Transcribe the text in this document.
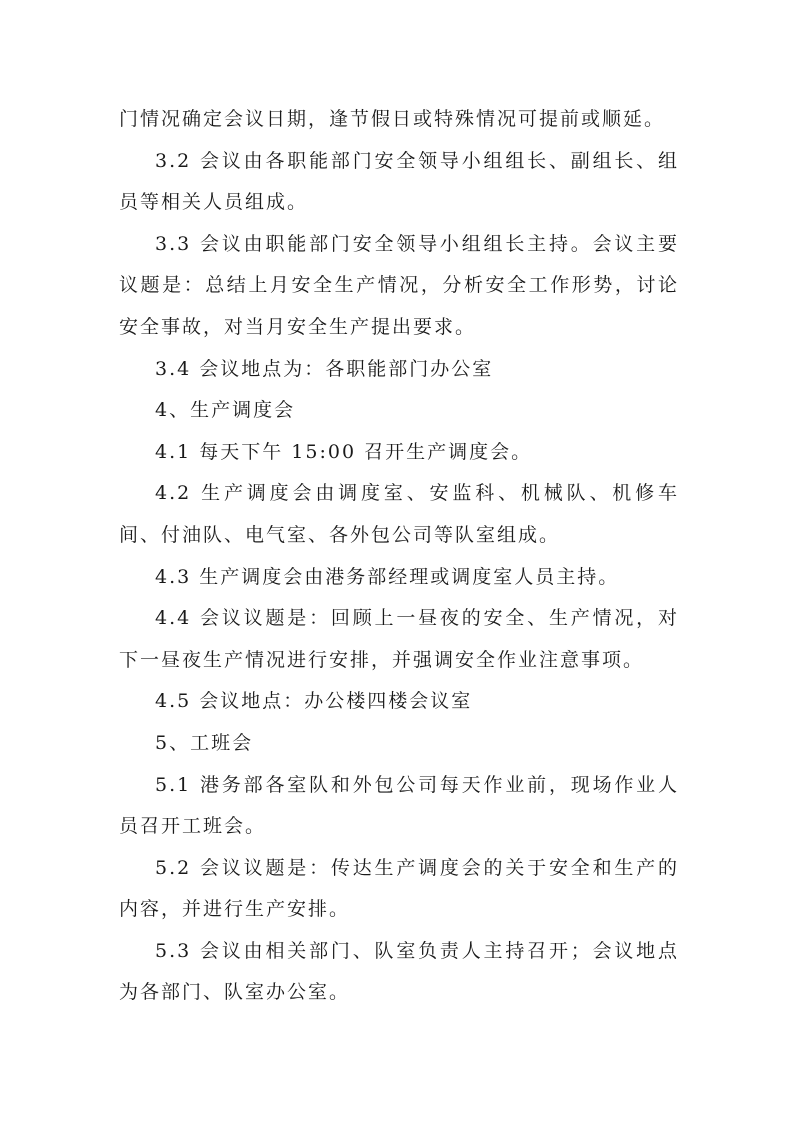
门情况确定会议日期，逢节假日或特殊情况可提前或顺延。

3.2 会议由各职能部门安全领导小组组长、副组长、组员等相关人员组成。

3.3 会议由职能部门安全领导小组组长主持。会议主要议题是：总结上月安全生产情况，分析安全工作形势，讨论安全事故，对当月安全生产提出要求。

3.4 会议地点为：各职能部门办公室

4、生产调度会

4.1 每天下午 15:00 召开生产调度会。

4.2 生产调度会由调度室、安监科、机械队、机修车间、付油队、电气室、各外包公司等队室组成。

4.3 生产调度会由港务部经理或调度室人员主持。

4.4 会议议题是：回顾上一昼夜的安全、生产情况，对下一昼夜生产情况进行安排，并强调安全作业注意事项。

4.5 会议地点：办公楼四楼会议室

5、工班会

5.1 港务部各室队和外包公司每天作业前，现场作业人员召开工班会。

5.2 会议议题是：传达生产调度会的关于安全和生产的内容，并进行生产安排。

5.3 会议由相关部门、队室负责人主持召开；会议地点为各部门、队室办公室。
